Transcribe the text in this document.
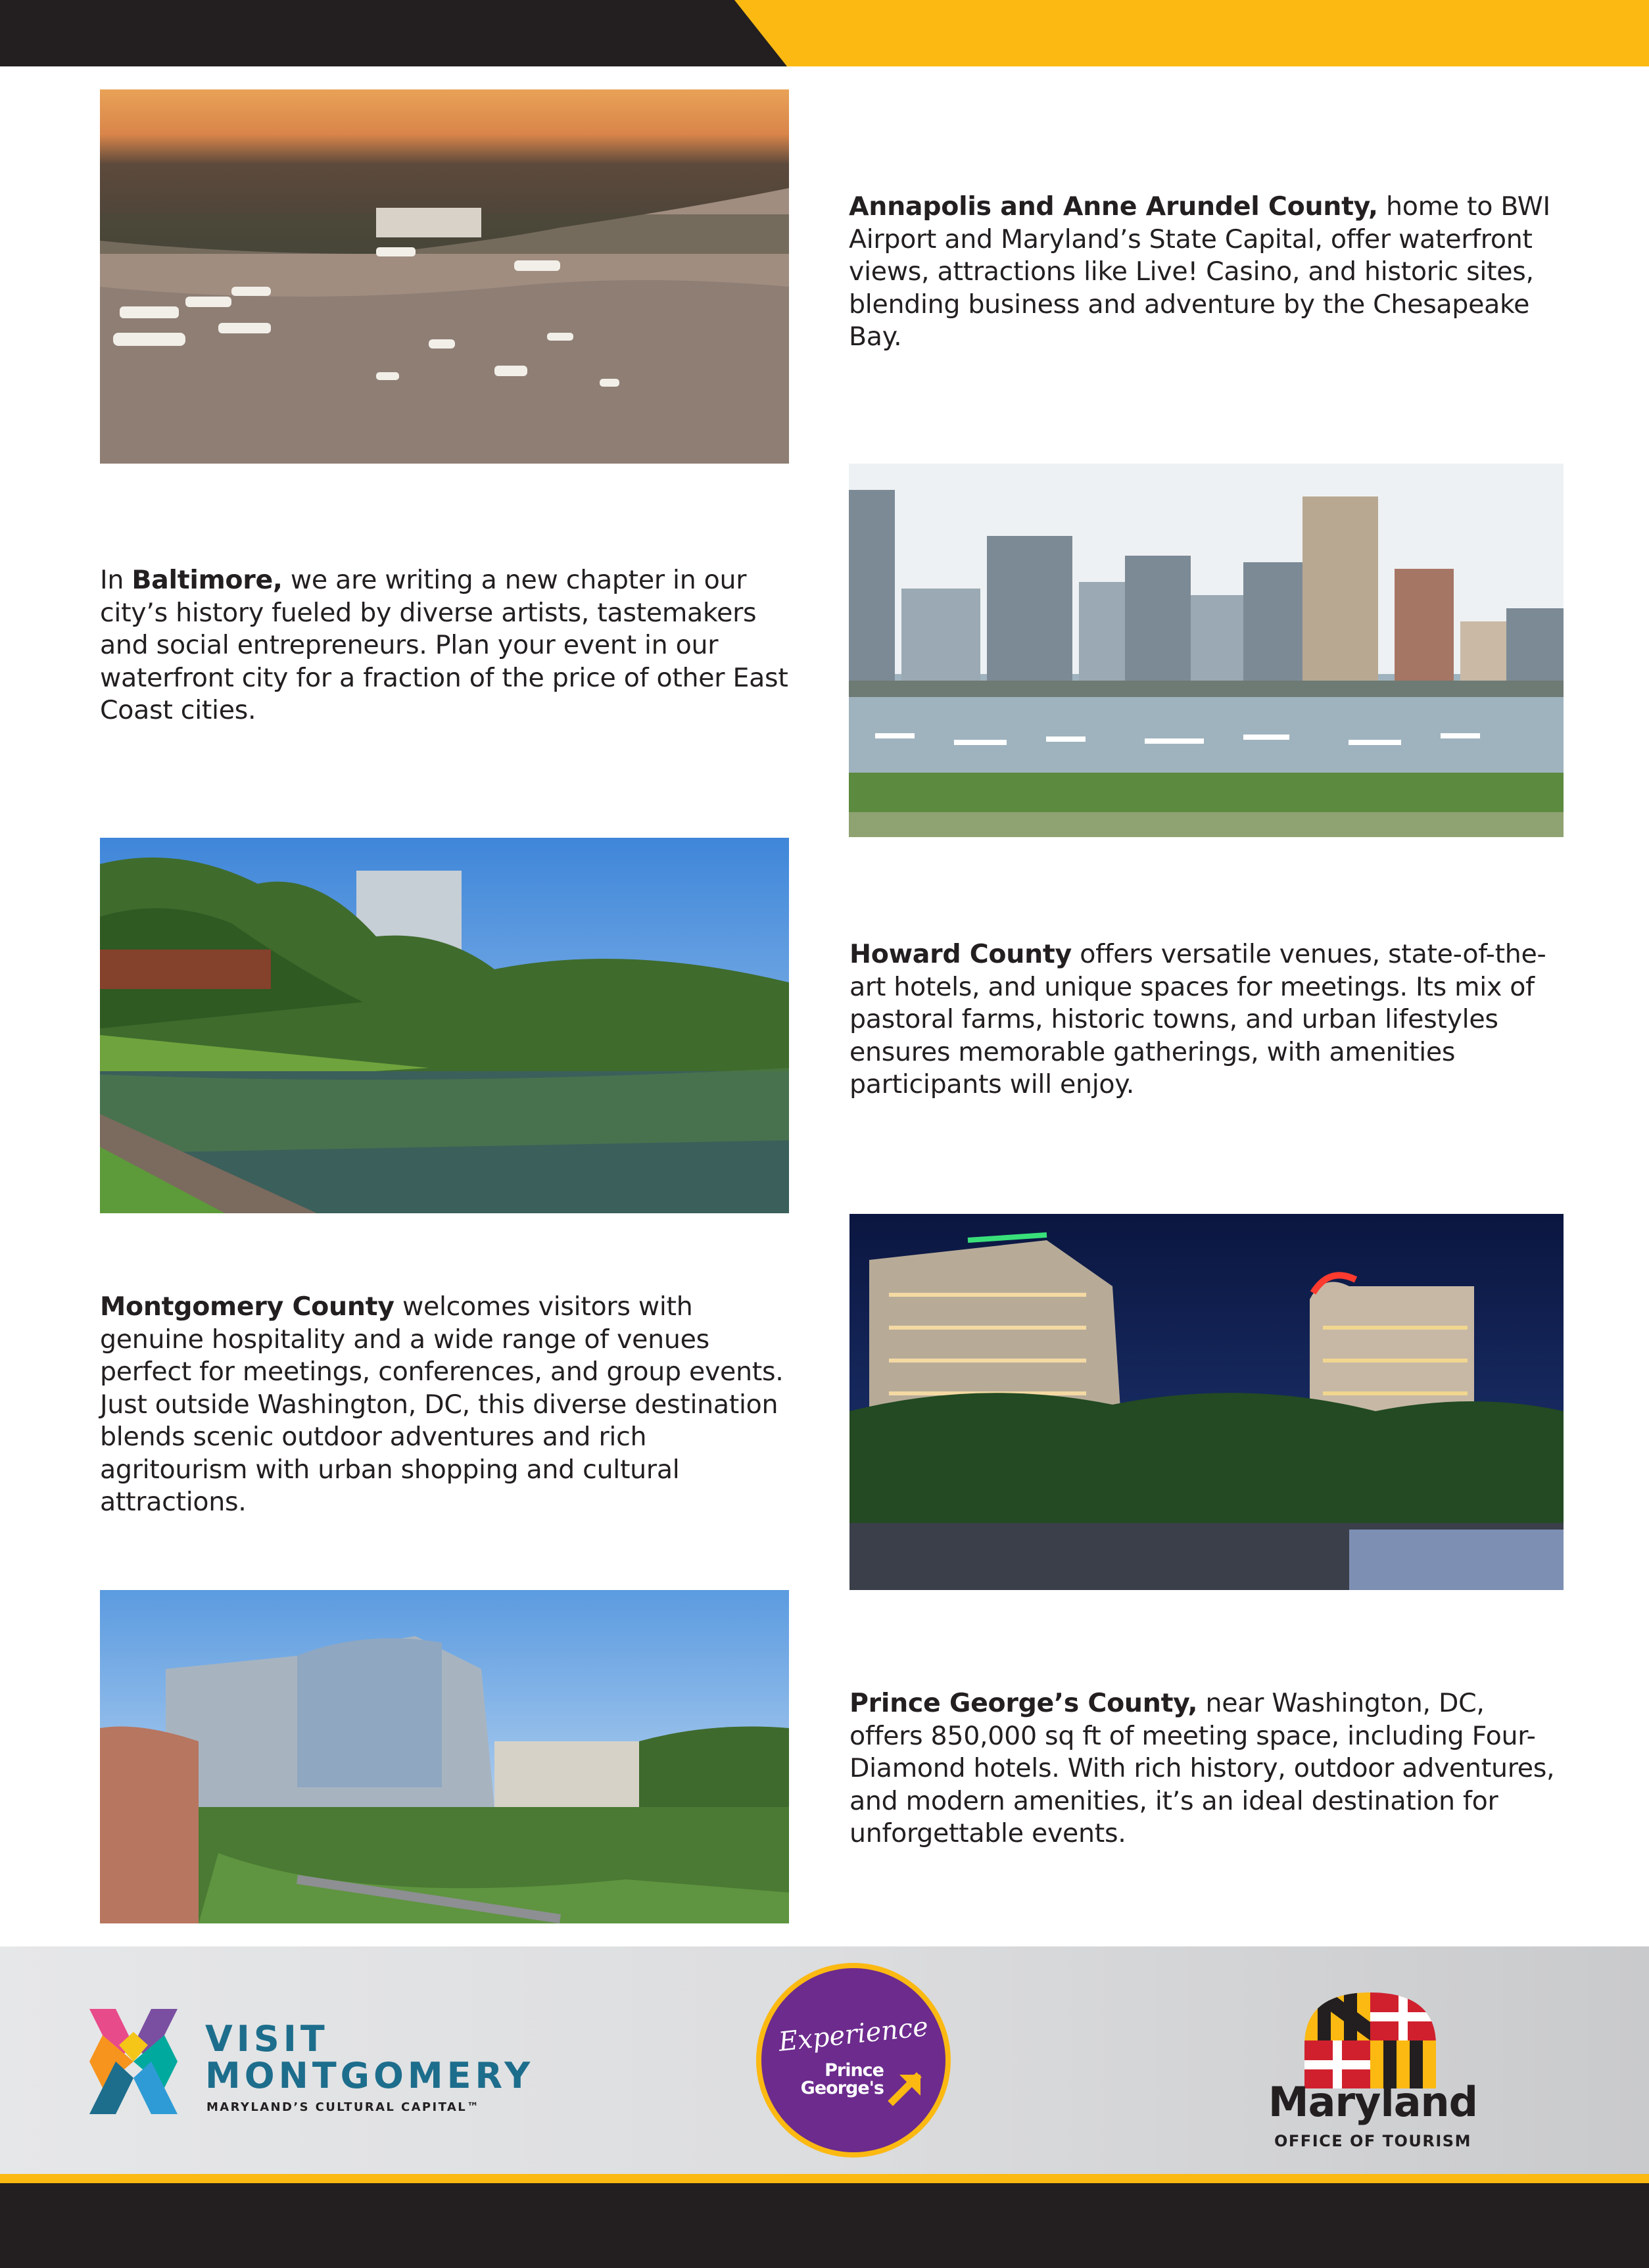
Annapolis and Anne Arundel County, home to BWI Airport and Maryland’s State Capital, offer waterfront views, attractions like Live! Casino, and historic sites, blending business and adventure by the Chesapeake Bay.
In Baltimore, we are writing a new chapter in our city’s history fueled by diverse artists, tastemakers and social entrepreneurs. Plan your event in our waterfront city for a fraction of the price of other East Coast cities.
Howard County offers versatile venues, state-of-the-art hotels, and unique spaces for meetings. Its mix of pastoral farms, historic towns, and urban lifestyles ensures memorable gatherings, with amenities participants will enjoy.
Montgomery County welcomes visitors with genuine hospitality and a wide range of venues perfect for meetings, conferences, and group events. Just outside Washington, DC, this diverse destination blends scenic outdoor adventures and rich agritourism with urban shopping and cultural attractions.
Prince George’s County, near Washington, DC, offers 850,000 sq ft of meeting space, including Four-Diamond hotels. With rich history, outdoor adventures, and modern amenities, it’s an ideal destination for unforgettable events.
VISIT
MONTGOMERY
MARYLAND’S CULTURAL CAPITAL™
Experience
Prince
George's	Maryland
OFFICE OF TOURISM
